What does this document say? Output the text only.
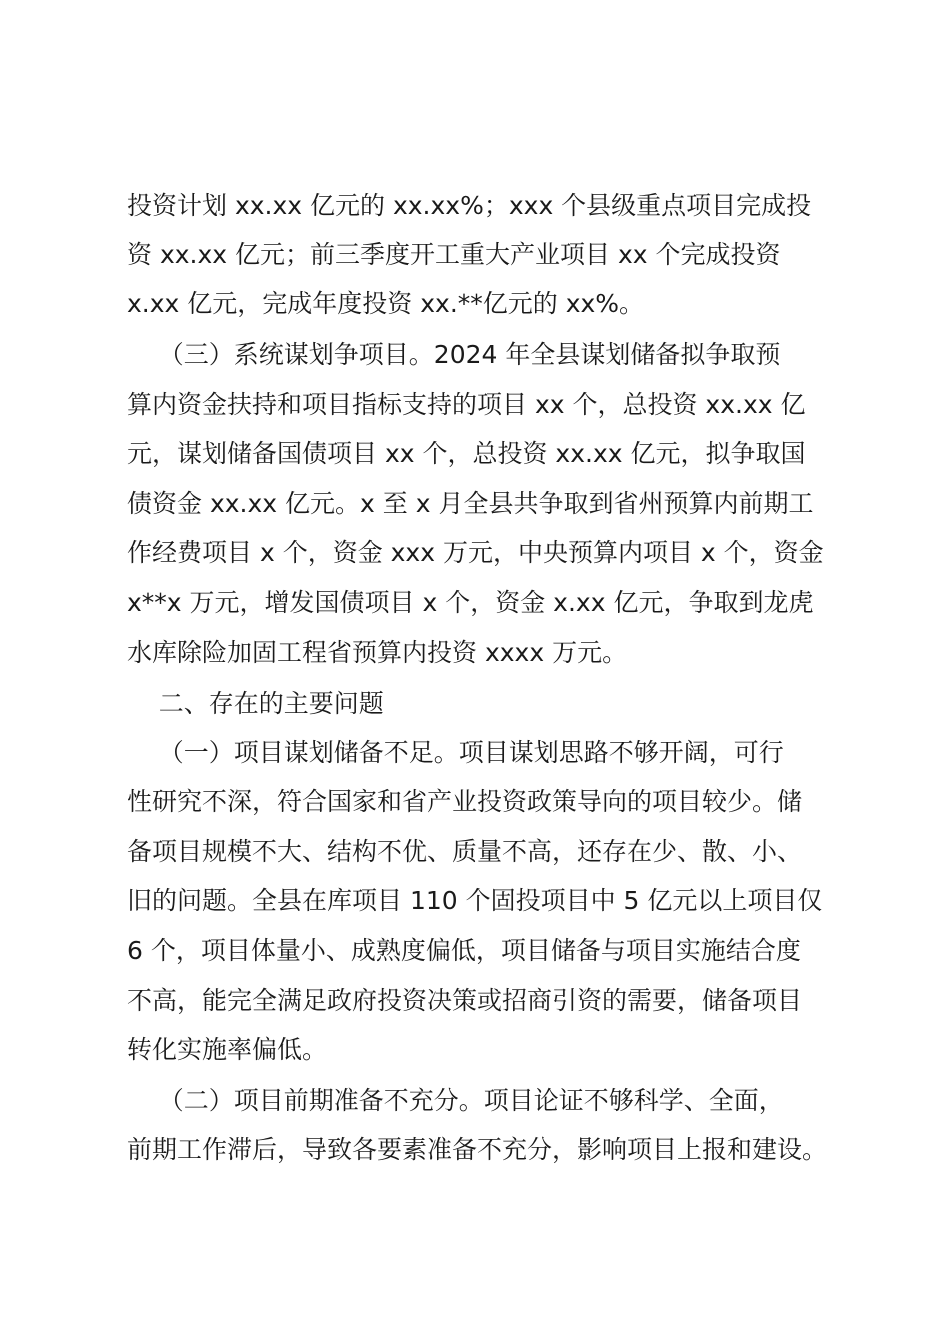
投资计划 xx.xx 亿元的 xx.xx%；xxx 个县级重点项目完成投
资 xx.xx 亿元；前三季度开工重大产业项目 xx 个完成投资
x.xx 亿元，完成年度投资 xx.**亿元的 xx%。
（三）系统谋划争项目。2024 年全县谋划储备拟争取预
算内资金扶持和项目指标支持的项目 xx 个，总投资 xx.xx 亿
元，谋划储备国债项目 xx 个，总投资 xx.xx 亿元，拟争取国
债资金 xx.xx 亿元。x 至 x 月全县共争取到省州预算内前期工
作经费项目 x 个，资金 xxx 万元，中央预算内项目 x 个，资金
x**x 万元，增发国债项目 x 个，资金 x.xx 亿元，争取到龙虎
水库除险加固工程省预算内投资 xxxx 万元。
二、存在的主要问题
（一）项目谋划储备不足。项目谋划思路不够开阔，可行
性研究不深，符合国家和省产业投资政策导向的项目较少。储
备项目规模不大、结构不优、质量不高，还存在少、散、小、
旧的问题。全县在库项目 110 个固投项目中 5 亿元以上项目仅
6 个，项目体量小、成熟度偏低，项目储备与项目实施结合度
不高，能完全满足政府投资决策或招商引资的需要，储备项目
转化实施率偏低。
（二）项目前期准备不充分。项目论证不够科学、全面，
前期工作滞后，导致各要素准备不充分，影响项目上报和建设。
